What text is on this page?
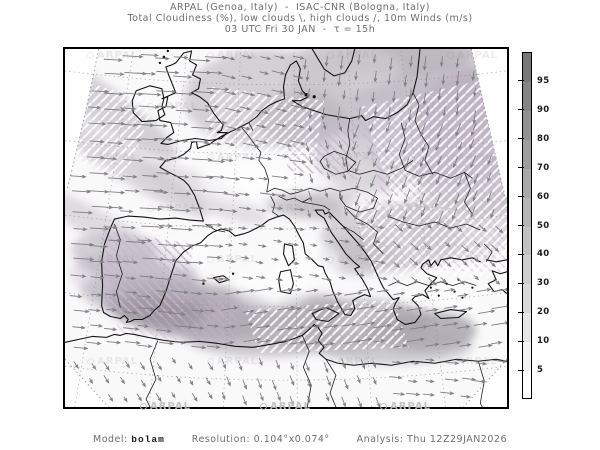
ARPAL (Genoa, Italy)  -  ISAC-CNR (Bologna, Italy)
Total Cloudiness (%), low clouds \, high clouds /, 10m Winds (m/s)
03 UTC Fri 30 JAN  -  τ = 15h
95
90
80
70
60
50
40
30
20
10
5
ARPAL	ARPAL	ARPAL
Model: bolam	Resolution: 0.104°x0.074°	Analysis: Thu 12Z29JAN2026
